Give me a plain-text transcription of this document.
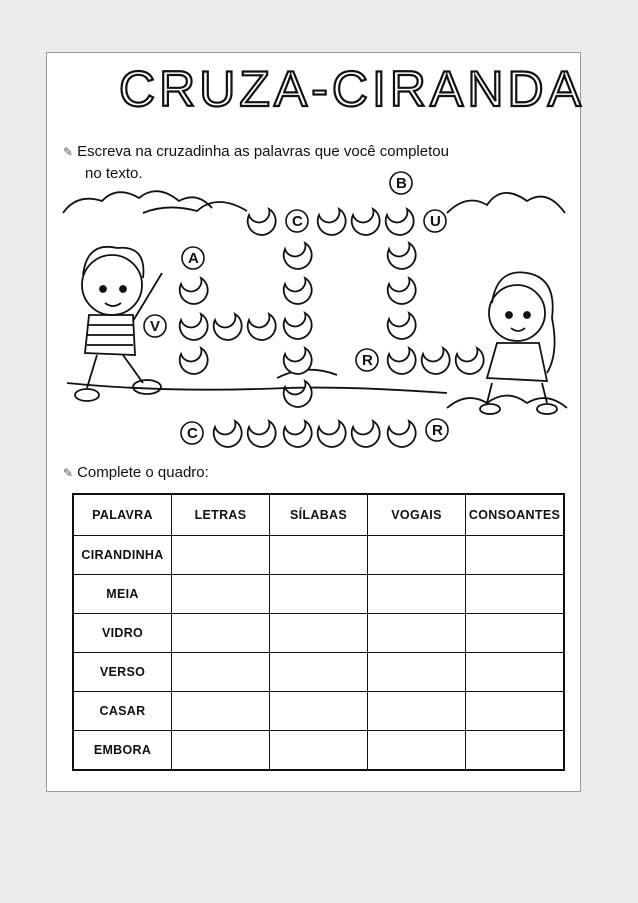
CRUZA-CIRANDA
✎ Escreva na cruzadinha as palavras que você completou
no texto.
B
C	U
A
V
R
C	R
✎ Complete o quadro:
PALAVRA	LETRAS	SÍLABAS	VOGAIS	CONSOANTES
CIRANDINHA				
MEIA				
VIDRO				
VERSO				
CASAR				
EMBORA				
